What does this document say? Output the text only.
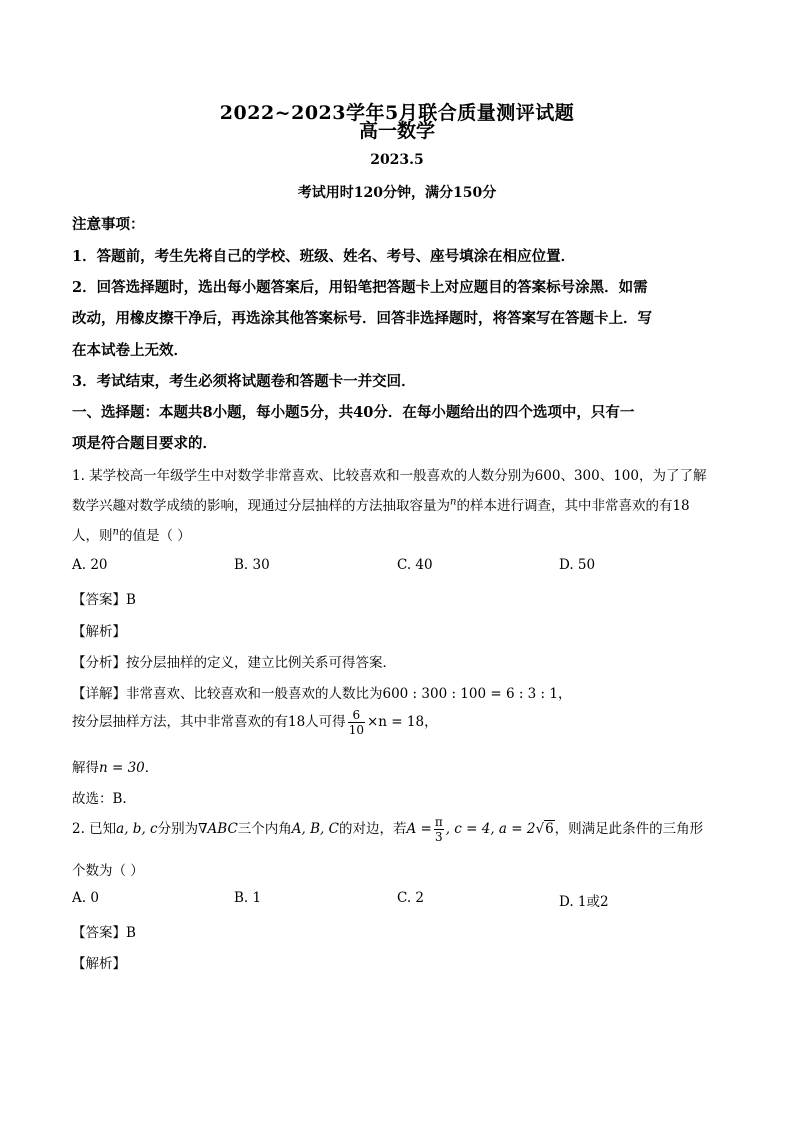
2022~2023学年5月联合质量测评试题
高一数学
2023.5
考试用时120分钟，满分150分
注意事项：
1．答题前，考生先将自己的学校、班级、姓名、考号、座号填涂在相应位置．
2．回答选择题时，选出每小题答案后，用铅笔把答题卡上对应题目的答案标号涂黑．如需
改动，用橡皮擦干净后，再选涂其他答案标号．回答非选择题时，将答案写在答题卡上．写
在本试卷上无效．
3．考试结束，考生必须将试题卷和答题卡一并交回．
一、选择题：本题共8小题，每小题5分，共40分．在每小题给出的四个选项中，只有一
项是符合题目要求的．
1. 某学校高一年级学生中对数学非常喜欢、比较喜欢和一般喜欢的人数分别为600、300、100，为了了解
数学兴趣对数学成绩的影响，现通过分层抽样的方法抽取容量为$^n$的样本进行调查，其中非常喜欢的有18
人，则$^n$的值是（ ）
A. 20	B. 30	C. 40	D. 50
【答案】B
【解析】
【分析】按分层抽样的定义，建立比例关系可得答案．
【详解】非常喜欢、比较喜欢和一般喜欢的人数比为600 : 300 : 100 = 6 : 3 : 1，
按分层抽样方法，其中非常喜欢的有18人可得 $\frac{6}{10} \times n = 18$，
解得n = 30．
故选：B.
2. 已知a, b, c分别为∇ABC三个内角A, B, C的对边，若$A = \frac{\pi}{3}$ , c = 4, a = 2√6，则满足此条件的三角形
个数为（ ）
A. 0	B. 1	C. 2	D. 1或2
【答案】B
【解析】
